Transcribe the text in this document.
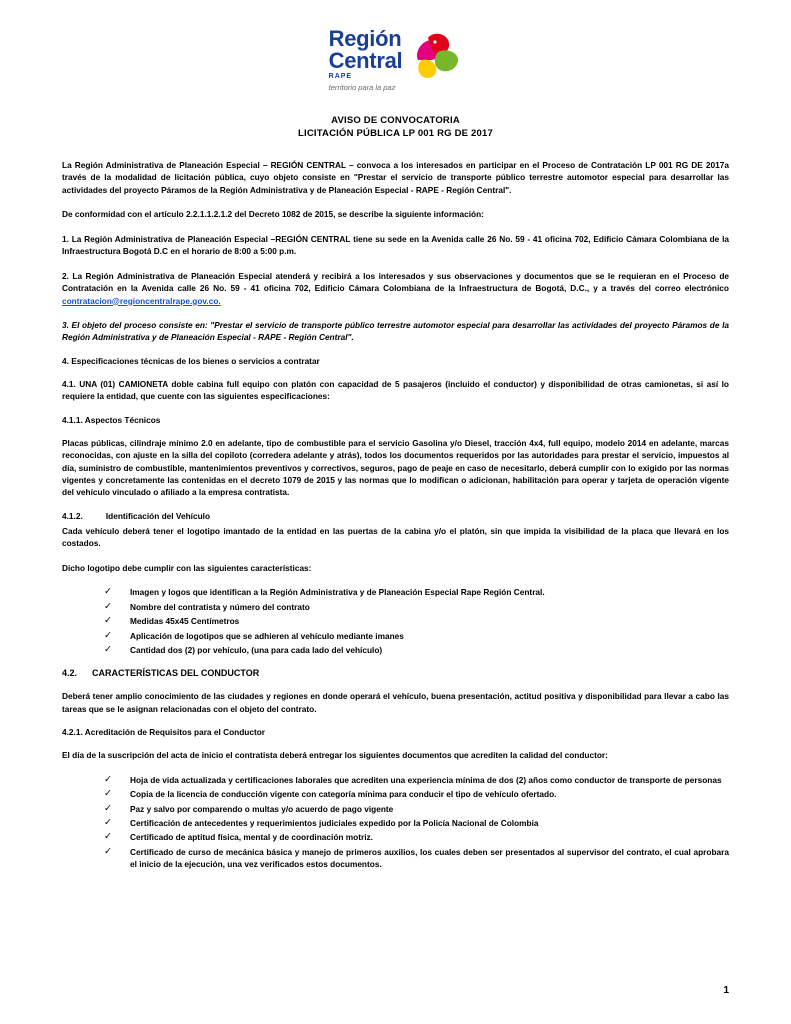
Región
Central
RAPE
territorio para la paz
AVISO DE CONVOCATORIA
LICITACIÓN PÚBLICA LP 001 RG DE 2017

La Región Administrativa de Planeación Especial – REGIÓN CENTRAL – convoca a los interesados en participar en el Proceso de Contratación LP 001 RG DE 2017a través de la modalidad de licitación pública, cuyo objeto consiste en "Prestar el servicio de transporte público terrestre automotor especial para desarrollar las actividades del proyecto Páramos de la Región Administrativa y de Planeación Especial - RAPE - Región Central".

De conformidad con el artículo 2.2.1.1.2.1.2 del Decreto 1082 de 2015, se describe la siguiente información:

1. La Región Administrativa de Planeación Especial –REGIÓN CENTRAL tiene su sede en la Avenida calle 26 No. 59 - 41 oficina 702, Edificio Cámara Colombiana de la Infraestructura Bogotá D.C en el horario de 8:00 a 5:00 p.m.

2. La Región Administrativa de Planeación Especial atenderá y recibirá a los interesados y sus observaciones y documentos que se le requieran en el Proceso de Contratación en la Avenida calle 26 No. 59 - 41 oficina 702, Edificio Cámara Colombiana de la Infraestructura de Bogotá, D.C., y a través del correo electrónico contratacion@regioncentralrape.gov.co.

3. El objeto del proceso consiste en: "Prestar el servicio de transporte público terrestre automotor especial para desarrollar las actividades del proyecto Páramos de la Región Administrativa y de Planeación Especial - RAPE - Región Central".

4. Especificaciones técnicas de los bienes o servicios a contratar

4.1. UNA (01) CAMIONETA doble cabina full equipo con platón con capacidad de 5 pasajeros (incluido el conductor) y disponibilidad de otras camionetas, si así lo requiere la entidad, que cuente con las siguientes especificaciones:

4.1.1. Aspectos Técnicos

Placas públicas, cilindraje mínimo 2.0 en adelante, tipo de combustible para el servicio Gasolina y/o Diesel, tracción 4x4, full equipo, modelo 2014 en adelante, marcas reconocidas, con ajuste en la silla del copiloto (corredera adelante y atrás), todos los documentos requeridos por las autoridades para prestar el servicio, impuestos al día, suministro de combustible, mantenimientos preventivos y correctivos, seguros, pago de peaje en caso de necesitarlo, deberá cumplir con lo exigido por las normas vigentes y concretamente las contenidas en el decreto 1079 de 2015 y las normas que lo modifican o adicionan, habilitación para operar y tarjeta de operación vigente del vehículo vinculado o afiliado a la empresa contratista.

4.1.2.	Identificación del Vehículo

Cada vehículo deberá tener el logotipo imantado de la entidad en las puertas de la cabina y/o el platón, sin que impida la visibilidad de la placa que llevará en los costados.

Dicho logotipo debe cumplir con las siguientes características:

✓ Imagen y logos que identifican a la Región Administrativa y de Planeación Especial Rape Región Central.
✓ Nombre del contratista y número del contrato
✓ Medidas 45x45 Centímetros
✓ Aplicación de logotipos que se adhieren al vehículo mediante imanes
✓ Cantidad dos (2) por vehículo, (una para cada lado del vehículo)

4.2. CARACTERÍSTICAS DEL CONDUCTOR

Deberá tener amplio conocimiento de las ciudades y regiones en donde operará el vehículo, buena presentación, actitud positiva y disponibilidad para llevar a cabo las tareas que se le asignan relacionadas con el objeto del contrato.

4.2.1. Acreditación de Requisitos para el Conductor

El día de la suscripción del acta de inicio el contratista deberá entregar los siguientes documentos que acrediten la calidad del conductor:

✓ Hoja de vida actualizada y certificaciones laborales que acrediten una experiencia mínima de dos (2) años como conductor de transporte de personas
✓ Copia de la licencia de conducción vigente con categoría mínima para conducir el tipo de vehículo ofertado.
✓ Paz y salvo por comparendo o multas y/o acuerdo de pago vigente
✓ Certificación de antecedentes y requerimientos judiciales expedido por la Policía Nacional de Colombia
✓ Certificado de aptitud física, mental y de coordinación motriz.
✓ Certificado de curso de mecánica básica y manejo de primeros auxilios, los cuales deben ser presentados al supervisor del contrato, el cual aprobara el inicio de la ejecución, una vez verificados estos documentos.
1
